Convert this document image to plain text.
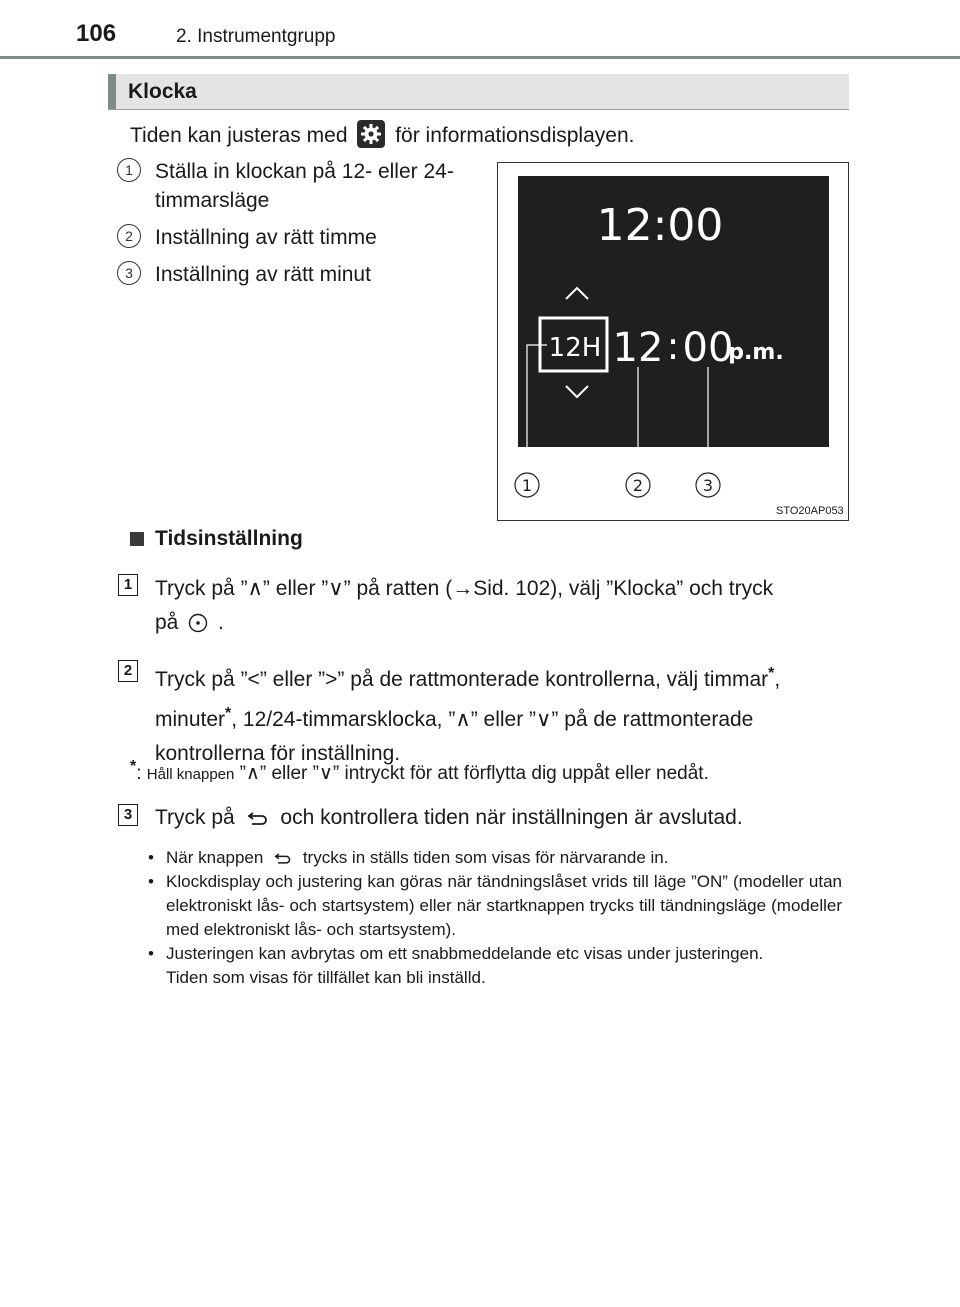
106	2. Instrumentgrupp
Klocka
Tiden kan justeras med för informationsdisplayen.
1	Ställa in klockan på 12- eller 24-
timmarsläge
2	Inställning av rätt timme
3	Inställning av rätt minut
12:00
12H 12 : 00
p.m.
1	2	3
STO20AP053
Tidsinställning
1 Tryck på ”∧” eller ”∨” på ratten (→Sid. 102), välj ”Klocka” och tryck
på .
2 Tryck på ”<” eller ”>” på de rattmonterade kontrollerna, välj timmar*,
minuter*, 12/24-timmarsklocka, ”∧” eller ”∨” på de rattmonterade
kontrollerna för inställning.
*: Håll knappen ”∧” eller ”∨” intryckt för att förflytta dig uppåt eller nedåt.
3 Tryck på och kontrollera tiden när inställningen är avslutad.
• När knappen trycks in ställs tiden som visas för närvarande in.
• Klockdisplay och justering kan göras när tändningslåset vrids till läge ”ON” (modeller utan elektroniskt lås- och startsystem) eller när startknappen trycks till tändningsläge (modeller med elektroniskt lås- och startsystem).
• Justeringen kan avbrytas om ett snabbmeddelande etc visas under justeringen.
Tiden som visas för tillfället kan bli inställd.
